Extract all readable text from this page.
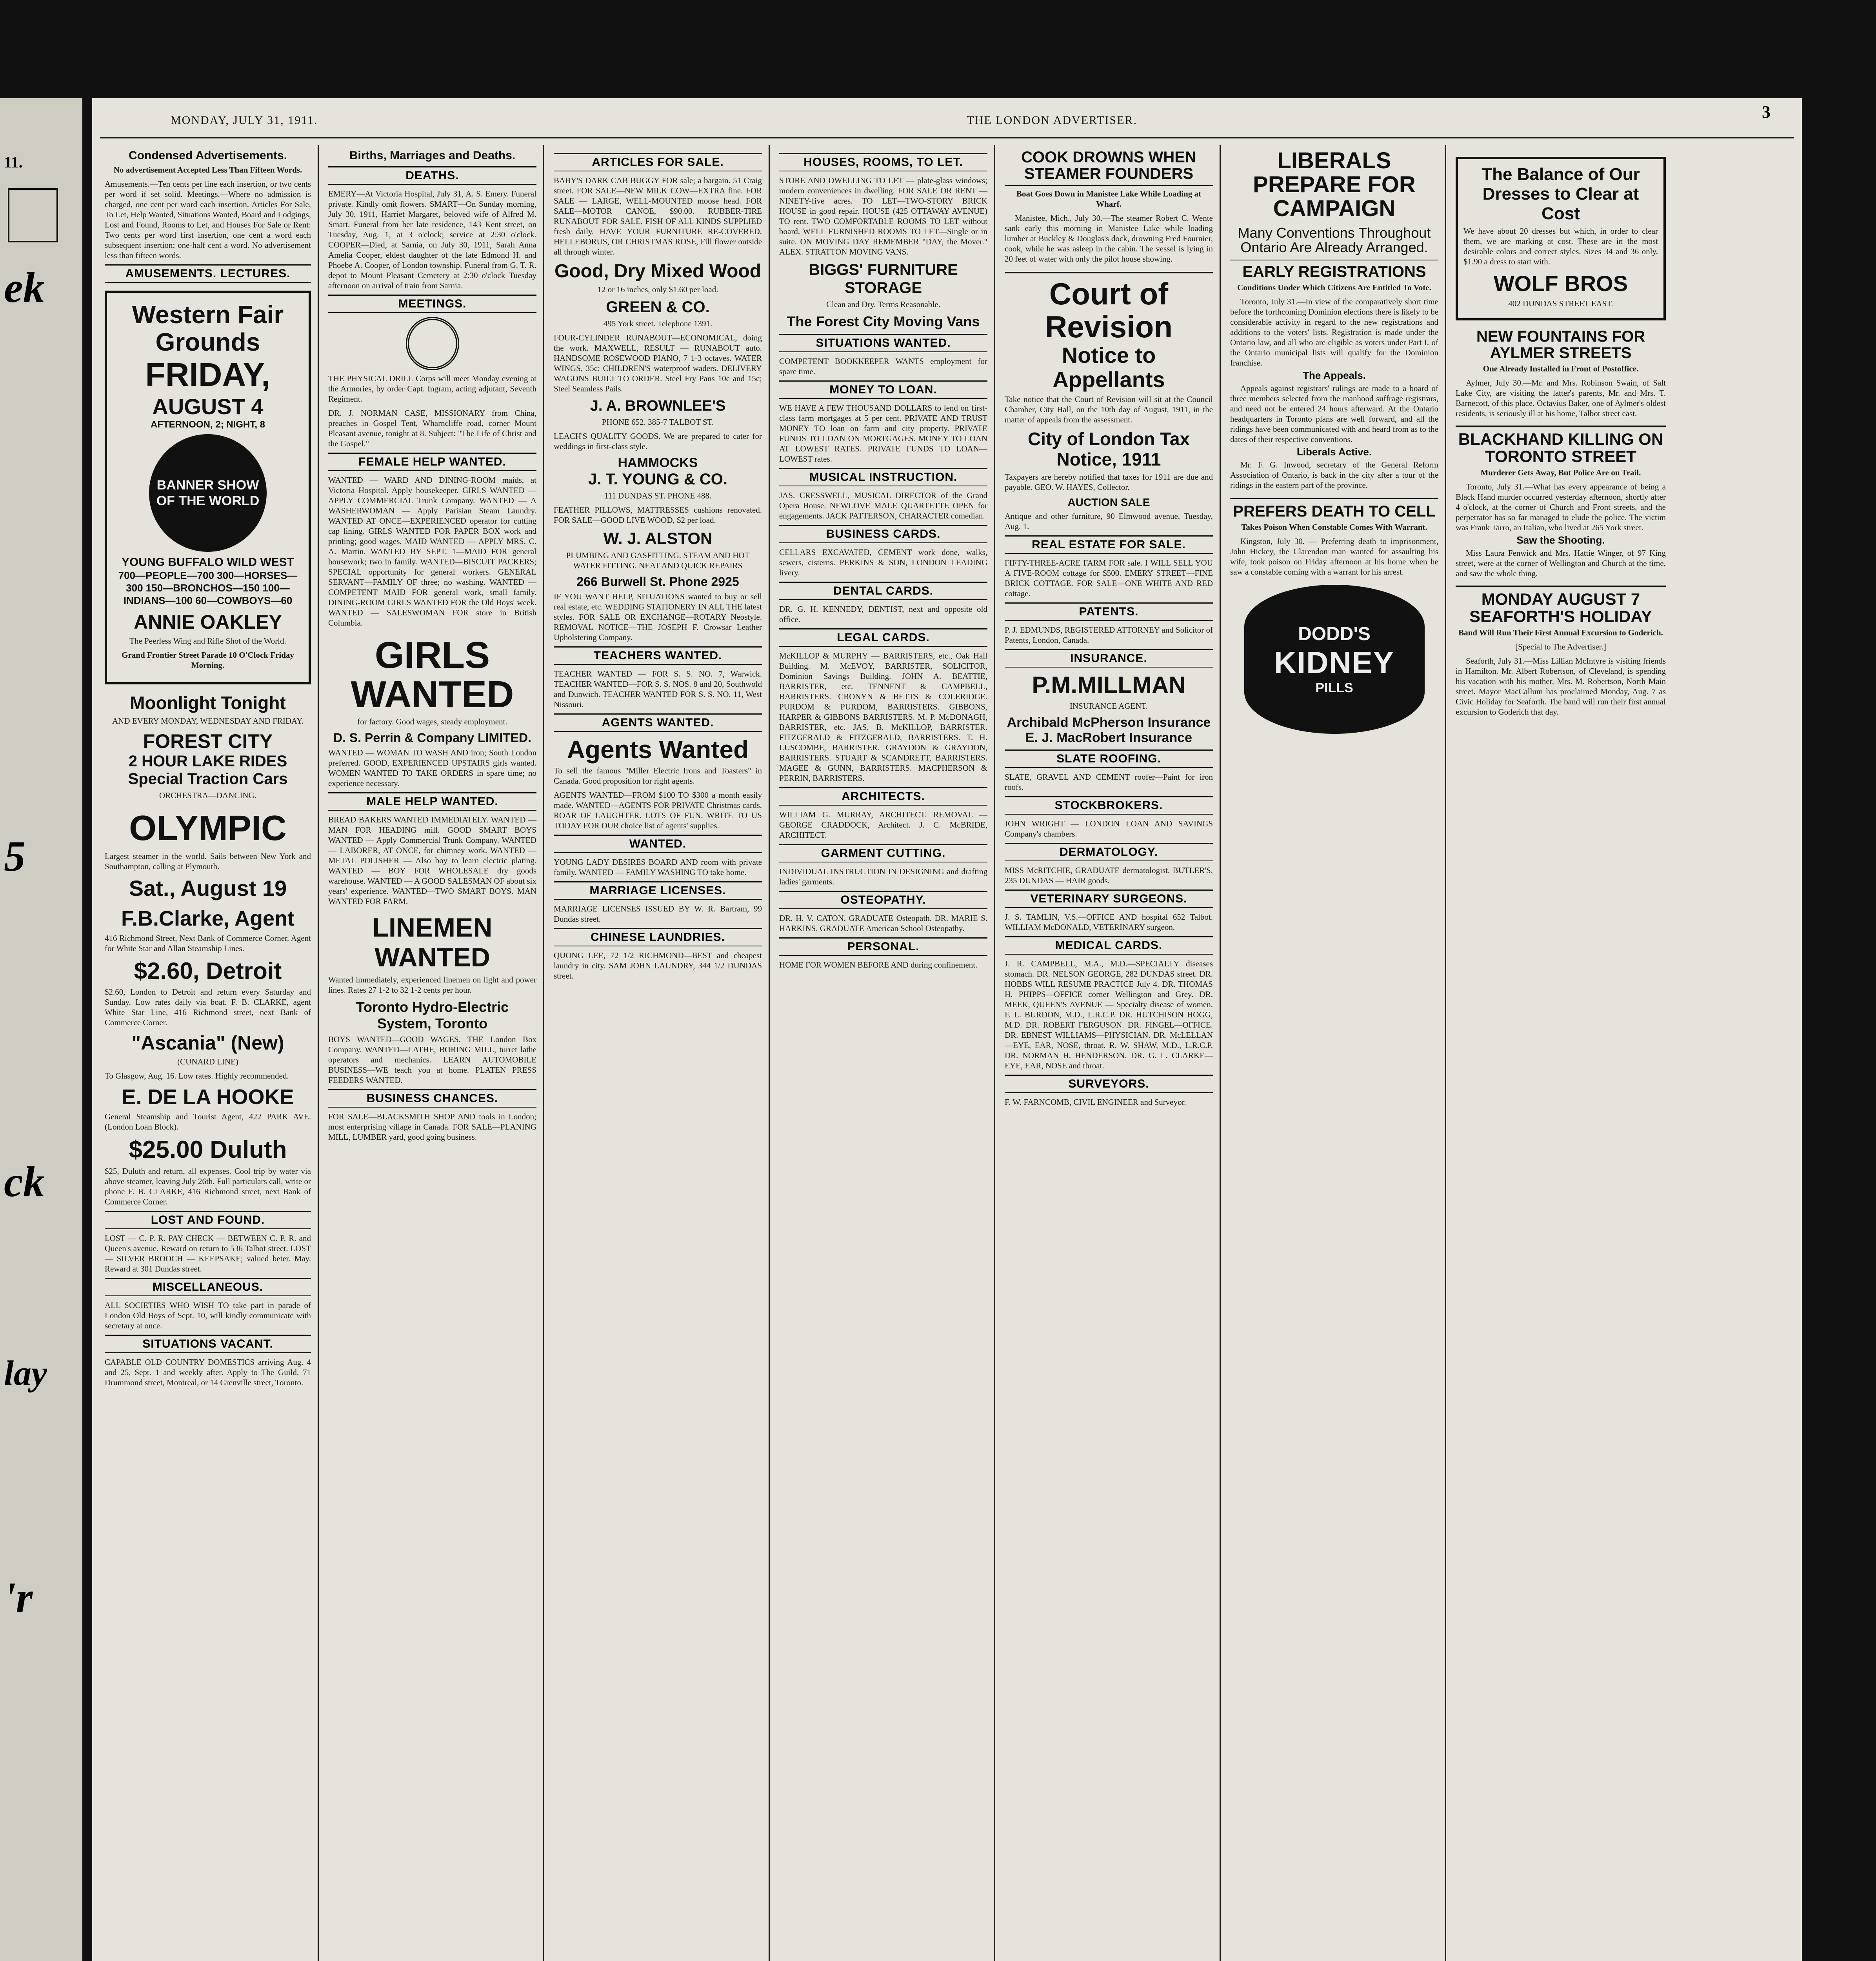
11.
ek
5
ck
lay
'r
3
MONDAY, JULY 31, 1911.	THE LONDON ADVERTISER.
Condensed Advertisements.
No advertisement Accepted Less Than Fifteen Words.
Amusements.—Ten cents per line each insertion, or two cents per word if set solid. Meetings.—Where no admission is charged, one cent per word each insertion. Articles For Sale, To Let, Help Wanted, Situations Wanted, Board and Lodgings, Lost and Found, Rooms to Let, and Houses For Sale or Rent: Two cents per word first insertion, one cent a word each subsequent insertion; one-half cent a word. No advertisement less than fifteen words.
AMUSEMENTS. LECTURES.
Western Fair Grounds
FRIDAY,
AUGUST 4
AFTERNOON, 2; NIGHT, 8
BANNER SHOW OF THE WORLD
YOUNG BUFFALO WILD WEST
700—PEOPLE—700 300—HORSES—300 150—BRONCHOS—150 100—INDIANS—100 60—COWBOYS—60
ANNIE OAKLEY
The Peerless Wing and Rifle Shot of the World.
Grand Frontier Street Parade 10 O'Clock Friday Morning.
Moonlight Tonight
AND EVERY MONDAY, WEDNESDAY AND FRIDAY.
FOREST CITY
2 HOUR LAKE RIDES
Special Traction Cars
ORCHESTRA—DANCING.
OLYMPIC
Largest steamer in the world. Sails between New York and Southampton, calling at Plymouth.
Sat., August 19
F.B.Clarke, Agent
416 Richmond Street, Next Bank of Commerce Corner. Agent for White Star and Allan Steamship Lines.
$2.60, Detroit
$2.60, London to Detroit and return every Saturday and Sunday. Low rates daily via boat. F. B. CLARKE, agent White Star Line, 416 Richmond street, next Bank of Commerce Corner.
"Ascania" (New)
(CUNARD LINE)
To Glasgow, Aug. 16. Low rates. Highly recommended.
E. DE LA HOOKE
General Steamship and Tourist Agent, 422 PARK AVE. (London Loan Block).
$25.00 Duluth
$25, Duluth and return, all expenses. Cool trip by water via above steamer, leaving July 26th. Full particulars call, write or phone F. B. CLARKE, 416 Richmond street, next Bank of Commerce Corner.
LOST AND FOUND.
LOST — C. P. R. PAY CHECK — BETWEEN C. P. R. and Queen's avenue. Reward on return to 536 Talbot street. LOST — SILVER BROOCH — KEEPSAKE; valued beter. May. Reward at 301 Dundas street.
MISCELLANEOUS.
ALL SOCIETIES WHO WISH TO take part in parade of London Old Boys of Sept. 10, will kindly communicate with secretary at once.
SITUATIONS VACANT.
CAPABLE OLD COUNTRY DOMESTICS arriving Aug. 4 and 25, Sept. 1 and weekly after. Apply to The Guild, 71 Drummond street, Montreal, or 14 Grenville street, Toronto.
Births, Marriages and Deaths.
DEATHS.
EMERY—At Victoria Hospital, July 31, A. S. Emery. Funeral private. Kindly omit flowers. SMART—On Sunday morning, July 30, 1911, Harriet Margaret, beloved wife of Alfred M. Smart. Funeral from her late residence, 143 Kent street, on Tuesday, Aug. 1, at 3 o'clock; service at 2:30 o'clock. COOPER—Died, at Sarnia, on July 30, 1911, Sarah Anna Amelia Cooper, eldest daughter of the late Edmond H. and Phoebe A. Cooper, of London township. Funeral from G. T. R. depot to Mount Pleasant Cemetery at 2:30 o'clock Tuesday afternoon on arrival of train from Sarnia.
MEETINGS.
THE PHYSICAL DRILL Corps will meet Monday evening at the Armories, by order Capt. Ingram, acting adjutant, Seventh Regiment.
DR. J. NORMAN CASE, MISSIONARY from China, preaches in Gospel Tent, Wharncliffe road, corner Mount Pleasant avenue, tonight at 8. Subject: "The Life of Christ and the Gospel."
FEMALE HELP WANTED.
WANTED — WARD AND DINING-ROOM maids, at Victoria Hospital. Apply housekeeper. GIRLS WANTED — APPLY COMMERCIAL Trunk Company. WANTED — A WASHERWOMAN — Apply Parisian Steam Laundry. WANTED AT ONCE—EXPERIENCED operator for cutting cap lining. GIRLS WANTED FOR PAPER BOX work and printing; good wages. MAID WANTED — APPLY MRS. C. A. Martin. WANTED BY SEPT. 1—MAID FOR general housework; two in family. WANTED—BISCUIT PACKERS; SPECIAL opportunity for general workers. GENERAL SERVANT—FAMILY OF three; no washing. WANTED — COMPETENT MAID FOR general work, small family. DINING-ROOM GIRLS WANTED FOR the Old Boys' week. WANTED — SALESWOMAN FOR store in British Columbia.
GIRLS WANTED
for factory. Good wages, steady employment.
D. S. Perrin & Company LIMITED.
WANTED — WOMAN TO WASH AND iron; South London preferred. GOOD, EXPERIENCED UPSTAIRS girls wanted. WOMEN WANTED TO TAKE ORDERS in spare time; no experience necessary.
MALE HELP WANTED.
BREAD BAKERS WANTED IMMEDIATELY. WANTED — MAN FOR HEADING mill. GOOD SMART BOYS WANTED — Apply Commercial Trunk Company. WANTED — LABORER, AT ONCE, for chimney work. WANTED — METAL POLISHER — Also boy to learn electric plating. WANTED — BOY FOR WHOLESALE dry goods warehouse. WANTED — A GOOD SALESMAN OF about six years' experience. WANTED—TWO SMART BOYS. MAN WANTED FOR FARM.
LINEMEN WANTED
Wanted immediately, experienced linemen on light and power lines. Rates 27 1-2 to 32 1-2 cents per hour.
Toronto Hydro-Electric System, Toronto
BOYS WANTED—GOOD WAGES. THE London Box Company. WANTED—LATHE, BORING MILL, turret lathe operators and mechanics. LEARN AUTOMOBILE BUSINESS—WE teach you at home. PLATEN PRESS FEEDERS WANTED.
BUSINESS CHANCES.
FOR SALE—BLACKSMITH SHOP AND tools in London; most enterprising village in Canada. FOR SALE—PLANING MILL, LUMBER yard, good going business.
ARTICLES FOR SALE.
BABY'S DARK CAB BUGGY FOR sale; a bargain. 51 Craig street. FOR SALE—NEW MILK COW—EXTRA fine. FOR SALE — LARGE, WELL-MOUNTED moose head. FOR SALE—MOTOR CANOE, $90.00. RUBBER-TIRE RUNABOUT FOR SALE. FISH OF ALL KINDS SUPPLIED fresh daily. HAVE YOUR FURNITURE RE-COVERED. HELLEBORUS, OR CHRISTMAS ROSE, Fill flower outside all through winter.
Good, Dry Mixed Wood
12 or 16 inches, only $1.60 per load.
GREEN & CO.
495 York street. Telephone 1391.
FOUR-CYLINDER RUNABOUT—ECONOMICAL, doing the work. MAXWELL, RESULT — RUNABOUT auto. HANDSOME ROSEWOOD PIANO, 7 1-3 octaves. WATER WINGS, 35c; CHILDREN'S waterproof waders. DELIVERY WAGONS BUILT TO ORDER. Steel Fry Pans 10c and 15c; Steel Seamless Pails.
J. A. BROWNLEE'S
PHONE 652. 385-7 TALBOT ST.
LEACH'S QUALITY GOODS. We are prepared to cater for weddings in first-class style.
HAMMOCKS
J. T. YOUNG & CO.
111 DUNDAS ST. PHONE 488.
FEATHER PILLOWS, MATTRESSES cushions renovated. FOR SALE—GOOD LIVE WOOD, $2 per load.
W. J. ALSTON
PLUMBING AND GASFITTING. STEAM AND HOT WATER FITTING. NEAT AND QUICK REPAIRS
266 Burwell St. Phone 2925
IF YOU WANT HELP, SITUATIONS wanted to buy or sell real estate, etc. WEDDING STATIONERY IN ALL THE latest styles. FOR SALE OR EXCHANGE—ROTARY Neostyle. REMOVAL NOTICE—THE JOSEPH F. Crowsar Leather Upholstering Company.
TEACHERS WANTED.
TEACHER WANTED — FOR S. S. NO. 7, Warwick. TEACHER WANTED—FOR S. S. NOS. 8 and 20, Southwold and Dunwich. TEACHER WANTED FOR S. S. NO. 11, West Nissouri.
AGENTS WANTED.
Agents Wanted
To sell the famous "Miller Electric Irons and Toasters" in Canada. Good proposition for right agents.
AGENTS WANTED—FROM $100 TO $300 a month easily made. WANTED—AGENTS FOR PRIVATE Christmas cards. ROAR OF LAUGHTER. LOTS OF FUN. WRITE TO US TODAY FOR OUR choice list of agents' supplies.
WANTED.
YOUNG LADY DESIRES BOARD AND room with private family. WANTED — FAMILY WASHING TO take home.
MARRIAGE LICENSES.
MARRIAGE LICENSES ISSUED BY W. R. Bartram, 99 Dundas street.
CHINESE LAUNDRIES.
QUONG LEE, 72 1/2 RICHMOND—BEST and cheapest laundry in city. SAM JOHN LAUNDRY, 344 1/2 DUNDAS street.
HOUSES, ROOMS, TO LET.
STORE AND DWELLING TO LET — plate-glass windows; modern conveniences in dwelling. FOR SALE OR RENT — NINETY-five acres. TO LET—TWO-STORY BRICK HOUSE in good repair. HOUSE (425 OTTAWAY AVENUE) TO rent. TWO COMFORTABLE ROOMS TO LET without board. WELL FURNISHED ROOMS TO LET—Single or in suite. ON MOVING DAY REMEMBER "DAY, the Mover." ALEX. STRATTON MOVING VANS.
BIGGS' FURNITURE STORAGE
Clean and Dry. Terms Reasonable.
The Forest City Moving Vans
SITUATIONS WANTED.
COMPETENT BOOKKEEPER WANTS employment for spare time.
MONEY TO LOAN.
WE HAVE A FEW THOUSAND DOLLARS to lend on first-class farm mortgages at 5 per cent. PRIVATE AND TRUST MONEY TO loan on farm and city property. PRIVATE FUNDS TO LOAN ON MORTGAGES. MONEY TO LOAN AT LOWEST RATES. PRIVATE FUNDS TO LOAN—LOWEST rates.
MUSICAL INSTRUCTION.
JAS. CRESSWELL, MUSICAL DIRECTOR of the Grand Opera House. NEWLOVE MALE QUARTETTE OPEN for engagements. JACK PATTERSON, CHARACTER comedian.
BUSINESS CARDS.
CELLARS EXCAVATED, CEMENT work done, walks, sewers, cisterns. PERKINS & SON, LONDON LEADING livery.
DENTAL CARDS.
DR. G. H. KENNEDY, DENTIST, next and opposite old office.
LEGAL CARDS.
McKILLOP & MURPHY — BARRISTERS, etc., Oak Hall Building. M. McEVOY, BARRISTER, SOLICITOR, Dominion Savings Building. JOHN A. BEATTIE, BARRISTER, etc. TENNENT & CAMPBELL, BARRISTERS. CRONYN & BETTS & COLERIDGE. PURDOM & PURDOM, BARRISTERS. GIBBONS, HARPER & GIBBONS BARRISTERS. M. P. McDONAGH, BARRISTER, etc. JAS. B. McKILLOP, BARRISTER. FITZGERALD & FITZGERALD, BARRISTERS. T. H. LUSCOMBE, BARRISTER. GRAYDON & GRAYDON, BARRISTERS. STUART & SCANDRETT, BARRISTERS. MAGEE & GUNN, BARRISTERS. MACPHERSON & PERRIN, BARRISTERS.
ARCHITECTS.
WILLIAM G. MURRAY, ARCHITECT. REMOVAL — GEORGE CRADDOCK, Architect. J. C. McBRIDE, ARCHITECT.
GARMENT CUTTING.
INDIVIDUAL INSTRUCTION IN DESIGNING and drafting ladies' garments.
OSTEOPATHY.
DR. H. V. CATON, GRADUATE Osteopath. DR. MARIE S. HARKINS, GRADUATE American School Osteopathy.
PERSONAL.
HOME FOR WOMEN BEFORE AND during confinement.
COOK DROWNS WHEN STEAMER FOUNDERS
Boat Goes Down in Manistee Lake While Loading at Wharf.
Manistee, Mich., July 30.—The steamer Robert C. Wente sank early this morning in Manistee Lake while loading lumber at Buckley & Douglas's dock, drowning Fred Fournier, cook, while he was asleep in the cabin. The vessel is lying in 20 feet of water with only the pilot house showing.
Court of Revision
Notice to Appellants
Take notice that the Court of Revision will sit at the Council Chamber, City Hall, on the 10th day of August, 1911, in the matter of appeals from the assessment.
City of London Tax Notice, 1911
Taxpayers are hereby notified that taxes for 1911 are due and payable. GEO. W. HAYES, Collector.
AUCTION SALE
Antique and other furniture, 90 Elmwood avenue, Tuesday, Aug. 1.
REAL ESTATE FOR SALE.
FIFTY-THREE-ACRE FARM FOR sale. I WILL SELL YOU A FIVE-ROOM cottage for $500. EMERY STREET—FINE BRICK COTTAGE. FOR SALE—ONE WHITE AND RED cottage.
PATENTS.
P. J. EDMUNDS, REGISTERED ATTORNEY and Solicitor of Patents, London, Canada.
INSURANCE.
P.M.MILLMAN
INSURANCE AGENT.
Archibald McPherson Insurance
E. J. MacRobert Insurance
SLATE ROOFING.
SLATE, GRAVEL AND CEMENT roofer—Paint for iron roofs.
STOCKBROKERS.
JOHN WRIGHT — LONDON LOAN AND SAVINGS Company's chambers.
DERMATOLOGY.
MISS McRITCHIE, GRADUATE dermatologist. BUTLER'S, 235 DUNDAS — HAIR goods.
VETERINARY SURGEONS.
J. S. TAMLIN, V.S.—OFFICE AND hospital 652 Talbot. WILLIAM McDONALD, VETERINARY surgeon.
MEDICAL CARDS.
J. R. CAMPBELL, M.A., M.D.—SPECIALTY diseases stomach. DR. NELSON GEORGE, 282 DUNDAS street. DR. HOBBS WILL RESUME PRACTICE July 4. DR. THOMAS H. PHIPPS—OFFICE corner Wellington and Grey. DR. MEEK, QUEEN'S AVENUE — Specialty disease of women. F. L. BURDON, M.D., L.R.C.P. DR. HUTCHISON HOGG, M.D. DR. ROBERT FERGUSON. DR. FINGEL—OFFICE. DR. EBNEST WILLIAMS—PHYSICIAN. DR. McLELLAN—EYE, EAR, NOSE, throat. R. W. SHAW, M.D., L.R.C.P. DR. NORMAN H. HENDERSON. DR. G. L. CLARKE—EYE, EAR, NOSE and throat.
SURVEYORS.
F. W. FARNCOMB, CIVIL ENGINEER and Surveyor.
LIBERALS PREPARE FOR CAMPAIGN
Many Conventions Throughout Ontario Are Already Arranged.
EARLY REGISTRATIONS
Conditions Under Which Citizens Are Entitled To Vote.
Toronto, July 31.—In view of the comparatively short time before the forthcoming Dominion elections there is likely to be considerable activity in regard to the new registrations and additions to the voters' lists. Registration is made under the Ontario law, and all who are eligible as voters under Part I. of the Ontario municipal lists will qualify for the Dominion franchise.
The Appeals.
Appeals against registrars' rulings are made to a board of three members selected from the manhood suffrage registrars, and need not be entered 24 hours afterward. At the Ontario headquarters in Toronto plans are well forward, and all the ridings have been communicated with and heard from as to the dates of their respective conventions.
Liberals Active.
Mr. F. G. Inwood, secretary of the General Reform Association of Ontario, is back in the city after a tour of the ridings in the eastern part of the province.
PREFERS DEATH TO CELL
Takes Poison When Constable Comes With Warrant.
Kingston, July 30. — Preferring death to imprisonment, John Hickey, the Clarendon man wanted for assaulting his wife, took poison on Friday afternoon at his home when he saw a constable coming with a warrant for his arrest.
DODD'S
KIDNEY
PILLS
The Balance of Our Dresses to Clear at Cost
We have about 20 dresses but which, in order to clear them, we are marking at cost. These are in the most desirable colors and correct styles. Sizes 34 and 36 only. $1.90 a dress to start with.
WOLF BROS
402 DUNDAS STREET EAST.
NEW FOUNTAINS FOR AYLMER STREETS
One Already Installed in Front of Postoffice.
Aylmer, July 30.—Mr. and Mrs. Robinson Swain, of Salt Lake City, are visiting the latter's parents, Mr. and Mrs. T. Barnecott, of this place. Octavius Baker, one of Aylmer's oldest residents, is seriously ill at his home, Talbot street east.
BLACKHAND KILLING ON TORONTO STREET
Murderer Gets Away, But Police Are on Trail.
Toronto, July 31.—What has every appearance of being a Black Hand murder occurred yesterday afternoon, shortly after 4 o'clock, at the corner of Church and Front streets, and the perpetrator has so far managed to elude the police. The victim was Frank Tarro, an Italian, who lived at 265 York street.
Saw the Shooting.
Miss Laura Fenwick and Mrs. Hattie Winger, of 97 King street, were at the corner of Wellington and Church at the time, and saw the whole thing.
MONDAY AUGUST 7 SEAFORTH'S HOLIDAY
Band Will Run Their First Annual Excursion to Goderich.
[Special to The Advertiser.]
Seaforth, July 31.—Miss Lillian McIntyre is visiting friends in Hamilton. Mr. Albert Robertson, of Cleveland, is spending his vacation with his mother, Mrs. M. Robertson, North Main street. Mayor MacCallum has proclaimed Monday, Aug. 7 as Civic Holiday for Seaforth. The band will run their first annual excursion to Goderich that day.
